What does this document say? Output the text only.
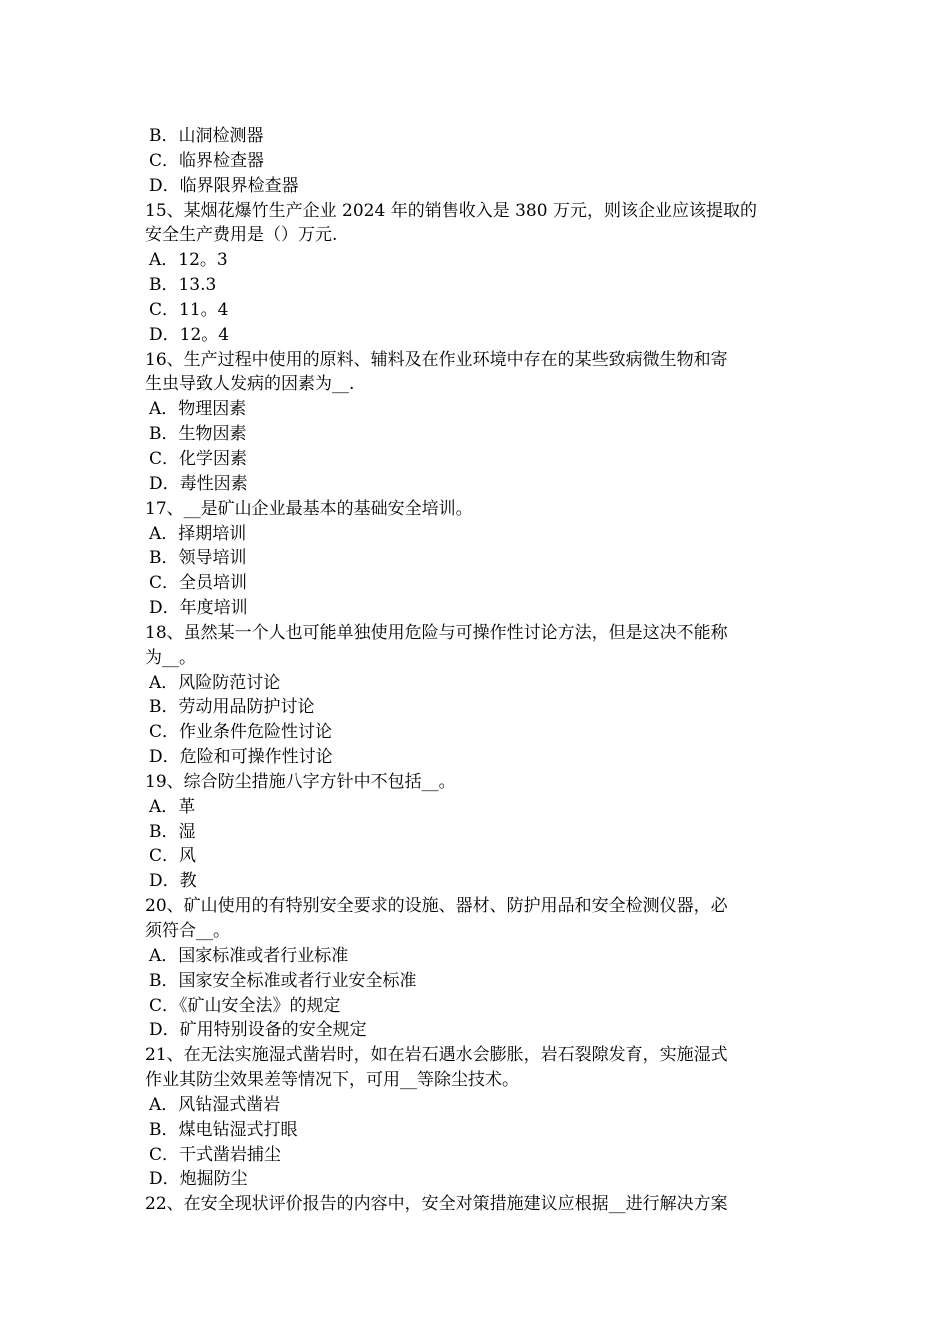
B．山洞检测器
C．临界检查器
D．临界限界检查器
15、某烟花爆竹生产企业 2024 年的销售收入是 380 万元，则该企业应该提取的
安全生产费用是（）万元.
A．12。3
B．13.3
C．11。4
D．12。4
16、生产过程中使用的原料、辅料及在作业环境中存在的某些致病微生物和寄
生虫导致人发病的因素为__.
A．物理因素
B．生物因素
C．化学因素
D．毒性因素
17、__是矿山企业最基本的基础安全培训。
A．择期培训
B．领导培训
C．全员培训
D．年度培训
18、虽然某一个人也可能单独使用危险与可操作性讨论方法，但是这决不能称
为__。
A．风险防范讨论
B．劳动用品防护讨论
C．作业条件危险性讨论
D．危险和可操作性讨论
19、综合防尘措施八字方针中不包括__。
A．革
B．湿
C．风
D．教
20、矿山使用的有特别安全要求的设施、器材、防护用品和安全检测仪器，必
须符合__。
A．国家标准或者行业标准
B．国家安全标准或者行业安全标准
C．《矿山安全法》的规定
D．矿用特别设备的安全规定
21、在无法实施湿式凿岩时，如在岩石遇水会膨胀，岩石裂隙发育，实施湿式
作业其防尘效果差等情况下，可用__等除尘技术。
A．风钻湿式凿岩
B．煤电钻湿式打眼
C．干式凿岩捕尘
D．炮掘防尘
22、在安全现状评价报告的内容中，安全对策措施建议应根据__进行解决方案
